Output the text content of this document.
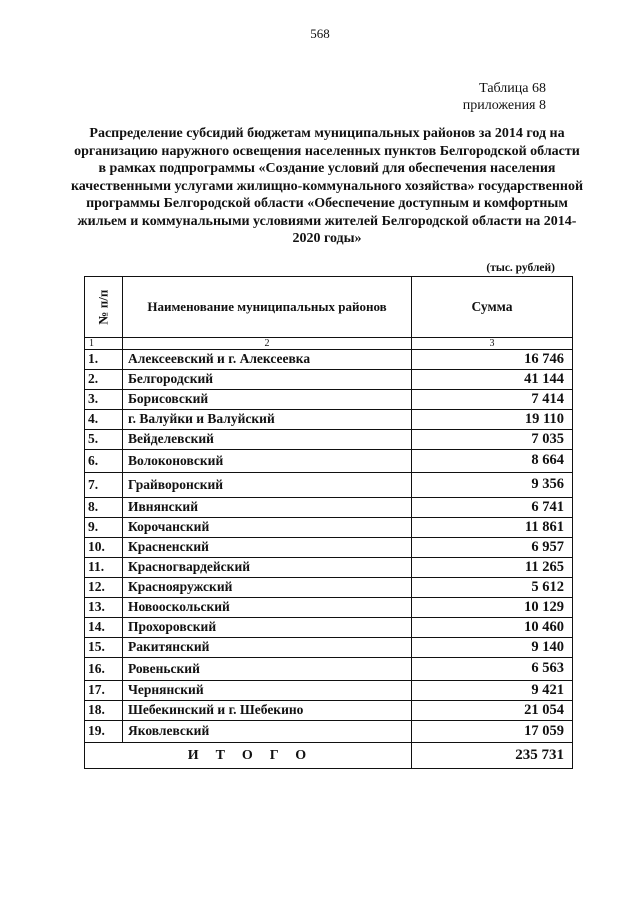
568
Таблица 68
приложения 8

Распределение субсидий бюджетам муниципальных районов за 2014 год на организацию наружного освещения населенных пунктов Белгородской области в рамках подпрограммы «Создание условий для обеспечения населения качественными услугами жилищно-коммунального хозяйства» государственной программы Белгородской области «Обеспечение доступным и комфортным жильем и коммунальными условиями жителей Белгородской области на 2014-2020 годы»

(тыс. рублей)
№ п/п	Наименование муниципальных районов	Сумма
1	2	3
1.	Алексеевский и г. Алексеевка	16 746
2.	Белгородский	41 144
3.	Борисовский	7 414
4.	г. Валуйки и Валуйский	19 110
5.	Вейделевский	7 035
6.	Волоконовский	8 664
7.	Грайворонский	9 356
8.	Ивнянский	6 741
9.	Корочанский	11 861
10.	Красненский	6 957
11.	Красногвардейский	11 265
12.	Краснояружский	5 612
13.	Новооскольский	10 129
14.	Прохоровский	10 460
15.	Ракитянский	9 140
16.	Ровеньский	6 563
17.	Чернянский	9 421
18.	Шебекинский и г. Шебекино	21 054
19.	Яковлевский	17 059
ИТОГО		235 731
